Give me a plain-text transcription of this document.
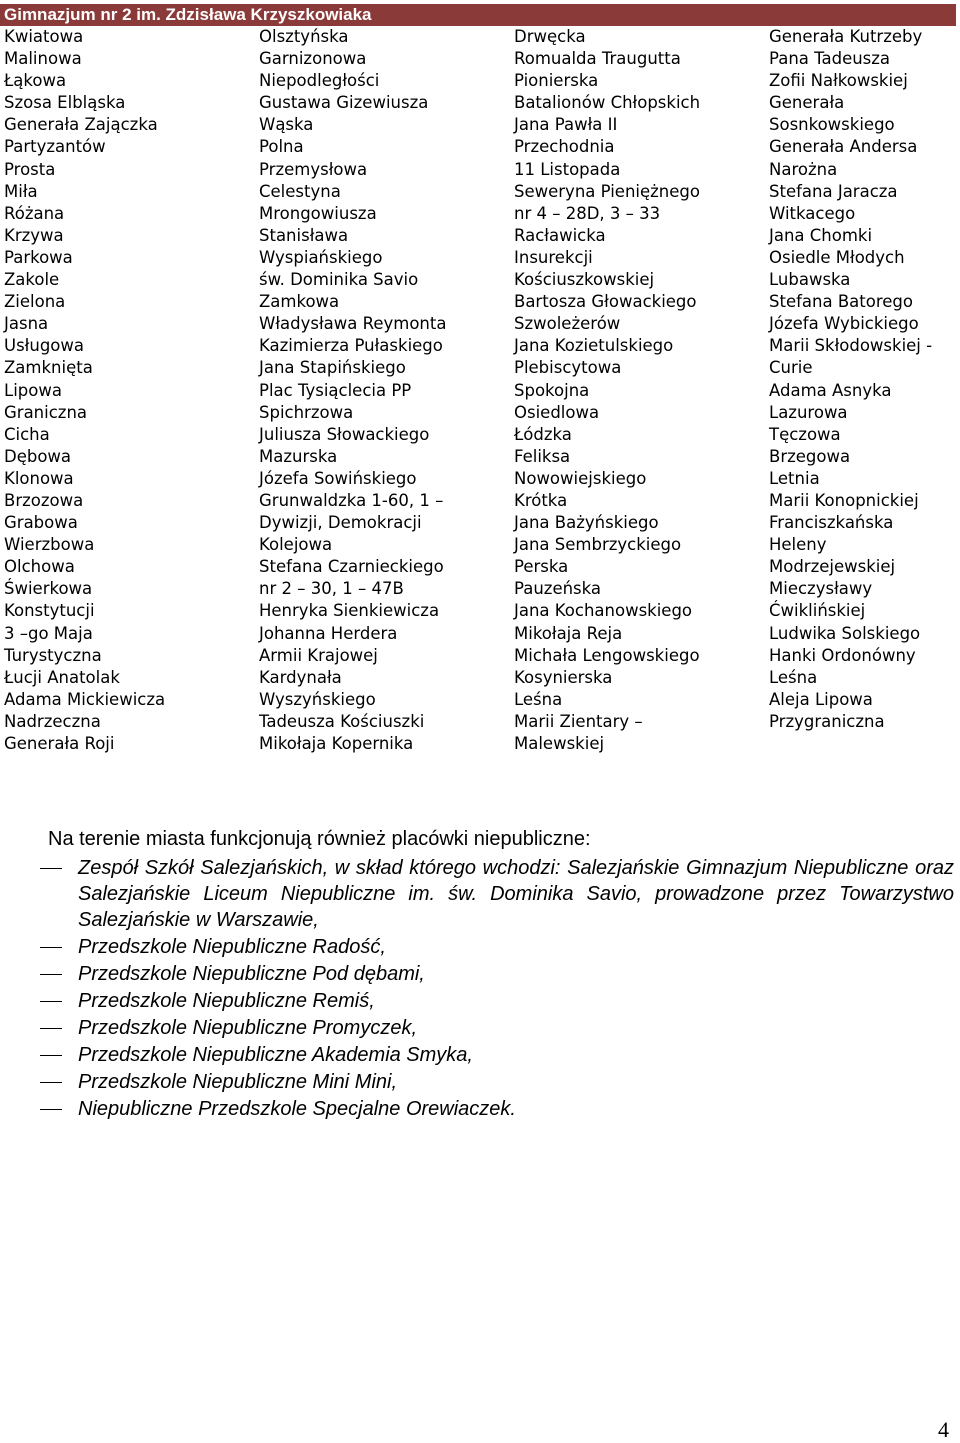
Gimnazjum nr 2 im. Zdzisława Krzyszkowiaka
Kwiatowa
Malinowa
Łąkowa
Szosa Elbląska
Generała Zajączka
Partyzantów
Prosta
Miła
Różana
Krzywa
Parkowa
Zakole
Zielona
Jasna
Usługowa
Zamknięta
Lipowa
Graniczna
Cicha
Dębowa
Klonowa
Brzozowa
Grabowa
Wierzbowa
Olchowa
Świerkowa
Konstytucji
3 –go Maja
Turystyczna
Łucji Anatolak
Adama Mickiewicza
Nadrzeczna
Generała Roji
Olsztyńska
Garnizonowa
Niepodległości
Gustawa Gizewiusza
Wąska
Polna
Przemysłowa
Celestyna
Mrongowiusza
Stanisława
Wyspiańskiego
św. Dominika Savio
Zamkowa
Władysława Reymonta
Kazimierza Pułaskiego
Jana Stapińskiego
Plac Tysiąclecia PP
Spichrzowa
Juliusza Słowackiego
Mazurska
Józefa Sowińskiego
Grunwaldzka 1-60, 1 –
Dywizji, Demokracji
Kolejowa
Stefana Czarnieckiego
nr 2 – 30, 1 – 47B
Henryka Sienkiewicza
Johanna Herdera
Armii Krajowej
Kardynała
Wyszyńskiego
Tadeusza Kościuszki
Mikołaja Kopernika
Drwęcka
Romualda Traugutta
Pionierska
Batalionów Chłopskich
Jana Pawła II
Przechodnia
11 Listopada
Seweryna Pieniężnego
nr 4 – 28D, 3 – 33
Racławicka
Insurekcji
Kościuszkowskiej
Bartosza Głowackiego
Szwoleżerów
Jana Kozietulskiego
Plebiscytowa
Spokojna
Osiedlowa
Łódzka
Feliksa
Nowowiejskiego
Krótka
Jana Bażyńskiego
Jana Sembrzyckiego
Perska
Pauzeńska
Jana Kochanowskiego
Mikołaja Reja
Michała Lengowskiego
Kosynierska
Leśna
Marii Zientary –
Malewskiej
Generała Kutrzeby
Pana Tadeusza
Zofii Nałkowskiej
Generała
Sosnkowskiego
Generała Andersa
Narożna
Stefana Jaracza
Witkacego
Jana Chomki
Osiedle Młodych
Lubawska
Stefana Batorego
Józefa Wybickiego
Marii Skłodowskiej -
Curie
Adama Asnyka
Lazurowa
Tęczowa
Brzegowa
Letnia
Marii Konopnickiej
Franciszkańska
Heleny
Modrzejewskiej
Mieczysławy
Ćwiklińskiej
Ludwika Solskiego
Hanki Ordonówny
Leśna
Aleja Lipowa
Przygraniczna
Na terenie miasta funkcjonują również placówki niepubliczne:
Zespół Szkół Salezjańskich, w skład którego wchodzi: Salezjańskie Gimnazjum Niepubliczne oraz Salezjańskie Liceum Niepubliczne im. św. Dominika Savio, prowadzone przez Towarzystwo Salezjańskie w Warszawie,
Przedszkole Niepubliczne Radość,
Przedszkole Niepubliczne Pod dębami,
Przedszkole Niepubliczne Remiś,
Przedszkole Niepubliczne Promyczek,
Przedszkole Niepubliczne Akademia Smyka,
Przedszkole Niepubliczne Mini Mini,
Niepubliczne Przedszkole Specjalne Orewiaczek.
4
